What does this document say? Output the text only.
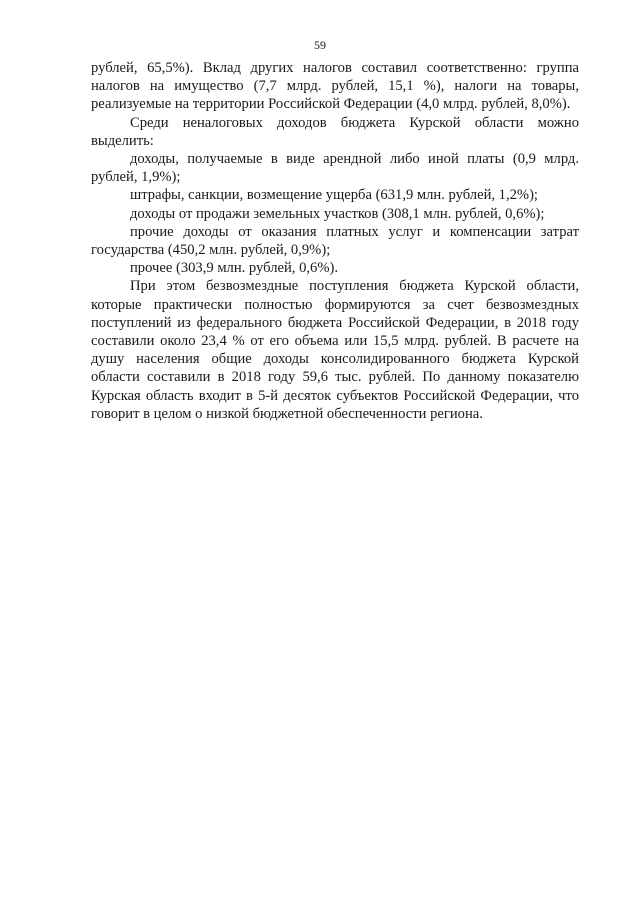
59

рублей, 65,5%). Вклад других налогов составил соответственно: группа налогов на имущество (7,7 млрд. рублей, 15,1 %), налоги на товары, реализуемые на территории Российской Федерации (4,0 млрд. рублей, 8,0%).

Среди неналоговых доходов бюджета Курской области можно выделить:

доходы, получаемые в виде арендной либо иной платы (0,9 млрд. рублей, 1,9%);

штрафы, санкции, возмещение ущерба (631,9 млн. рублей, 1,2%);

доходы от продажи земельных участков (308,1 млн. рублей, 0,6%);

прочие доходы от оказания платных услуг и компенсации затрат государства (450,2 млн. рублей, 0,9%);

прочее (303,9 млн. рублей, 0,6%).

При этом безвозмездные поступления бюджета Курской области, которые практически полностью формируются за счет безвозмездных поступлений из федерального бюджета Российской Федерации, в 2018 году составили около 23,4 % от его объема или 15,5 млрд. рублей. В расчете на душу населения общие доходы консолидированного бюджета Курской области составили в 2018 году 59,6 тыс. рублей. По данному показателю Курская область входит в 5-й десяток субъектов Российской Федерации, что говорит в целом о низкой бюджетной обеспеченности региона.
